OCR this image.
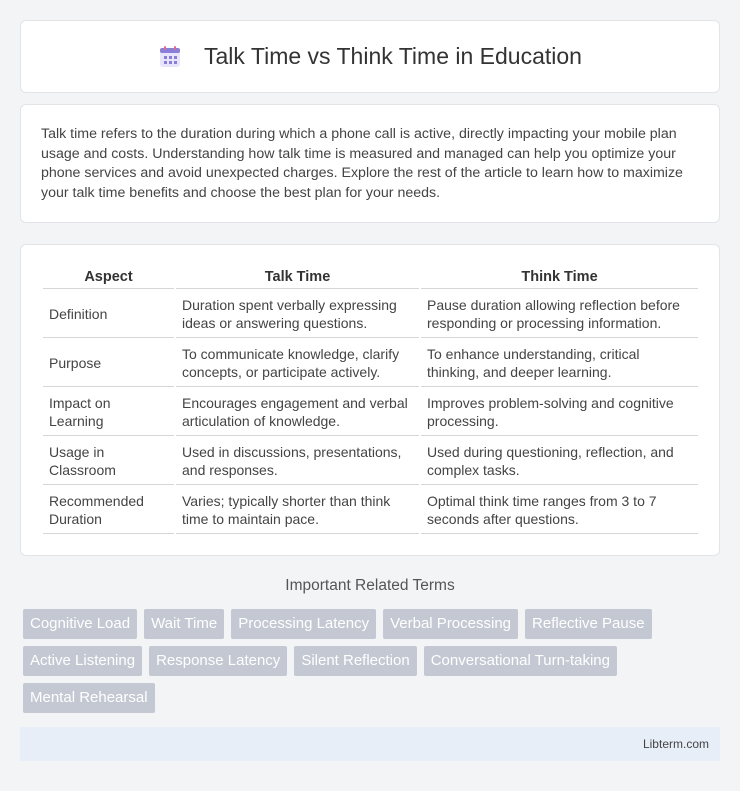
Talk Time vs Think Time in Education

Talk time refers to the duration during which a phone call is active, directly impacting your mobile plan usage and costs. Understanding how talk time is measured and managed can help you optimize your phone services and avoid unexpected charges. Explore the rest of the article to learn how to maximize your talk time benefits and choose the best plan for your needs.

Aspect	Talk Time	Think Time
Definition	Duration spent verbally expressing ideas or answering questions.	Pause duration allowing reflection before responding or processing information.
Purpose	To communicate knowledge, clarify concepts, or participate actively.	To enhance understanding, critical thinking, and deeper learning.
Impact on Learning	Encourages engagement and verbal articulation of knowledge.	Improves problem-solving and cognitive processing.
Usage in Classroom	Used in discussions, presentations, and responses.	Used during questioning, reflection, and complex tasks.
Recommended Duration	Varies; typically shorter than think time to maintain pace.	Optimal think time ranges from 3 to 7 seconds after questions.
Important Related Terms
Cognitive Load	Wait Time	Processing Latency	Verbal Processing	Reflective Pause
Active Listening	Response Latency	Silent Reflection	Conversational Turn-taking
Mental Rehearsal
Libterm.com
